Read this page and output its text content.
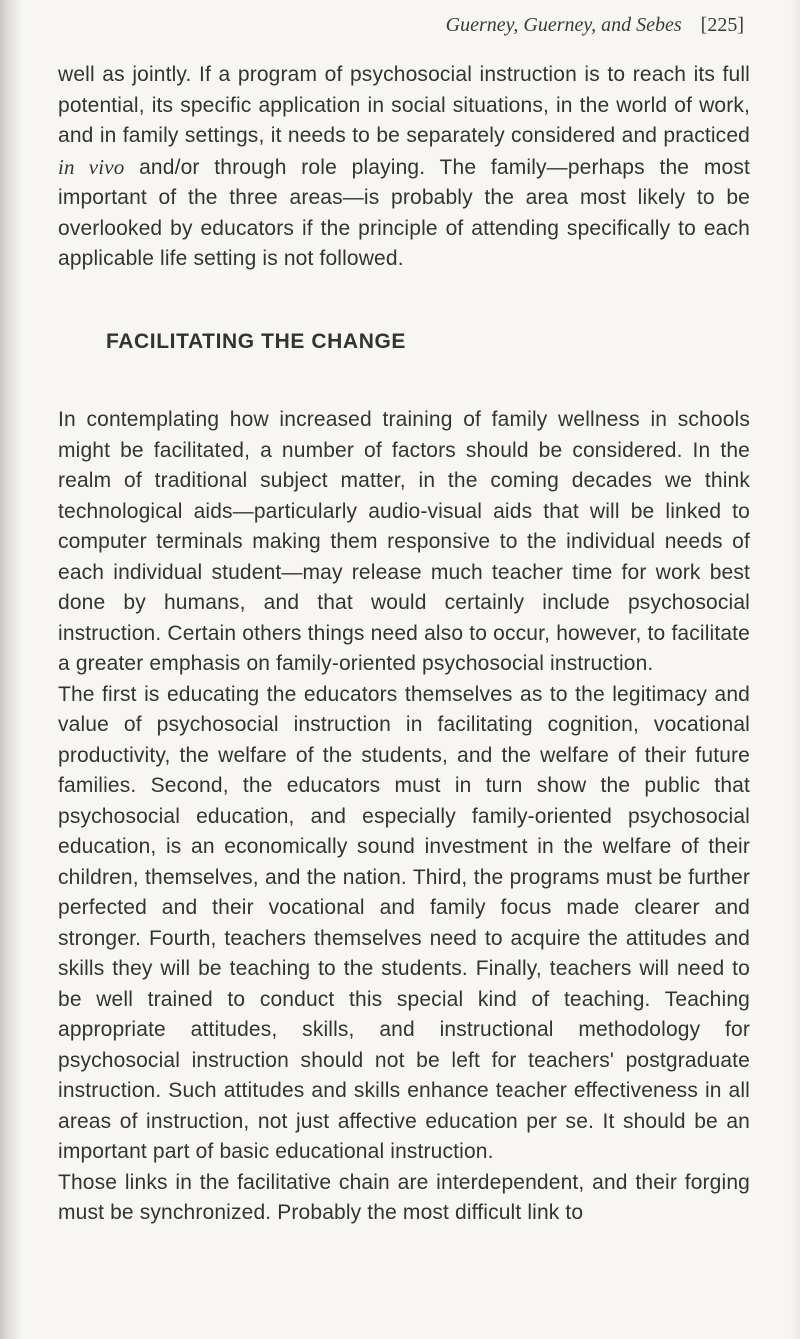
Guerney, Guerney, and Sebes [225]

well as jointly. If a program of psychosocial instruction is to reach its full potential, its specific application in social situations, in the world of work, and in family settings, it needs to be separately considered and practiced in vivo and/or through role playing. The family—perhaps the most important of the three areas—is probably the area most likely to be overlooked by educators if the principle of attending specifically to each applicable life setting is not followed.

FACILITATING THE CHANGE

In contemplating how increased training of family wellness in schools might be facilitated, a number of factors should be considered. In the realm of traditional subject matter, in the coming decades we think technological aids—particularly audio-visual aids that will be linked to computer terminals making them responsive to the individual needs of each individual student—may release much teacher time for work best done by humans, and that would certainly include psychosocial instruction. Certain others things need also to occur, however, to facilitate a greater emphasis on family-oriented psychosocial instruction.

The first is educating the educators themselves as to the legitimacy and value of psychosocial instruction in facilitating cognition, vocational productivity, the welfare of the students, and the welfare of their future families. Second, the educators must in turn show the public that psychosocial education, and especially family-oriented psychosocial education, is an economically sound investment in the welfare of their children, themselves, and the nation. Third, the programs must be further perfected and their vocational and family focus made clearer and stronger. Fourth, teachers themselves need to acquire the attitudes and skills they will be teaching to the students. Finally, teachers will need to be well trained to conduct this special kind of teaching. Teaching appropriate attitudes, skills, and instructional methodology for psychosocial instruction should not be left for teachers' postgraduate instruction. Such attitudes and skills enhance teacher effectiveness in all areas of instruction, not just affective education per se. It should be an important part of basic educational instruction.

Those links in the facilitative chain are interdependent, and their forging must be synchronized. Probably the most difficult link to
